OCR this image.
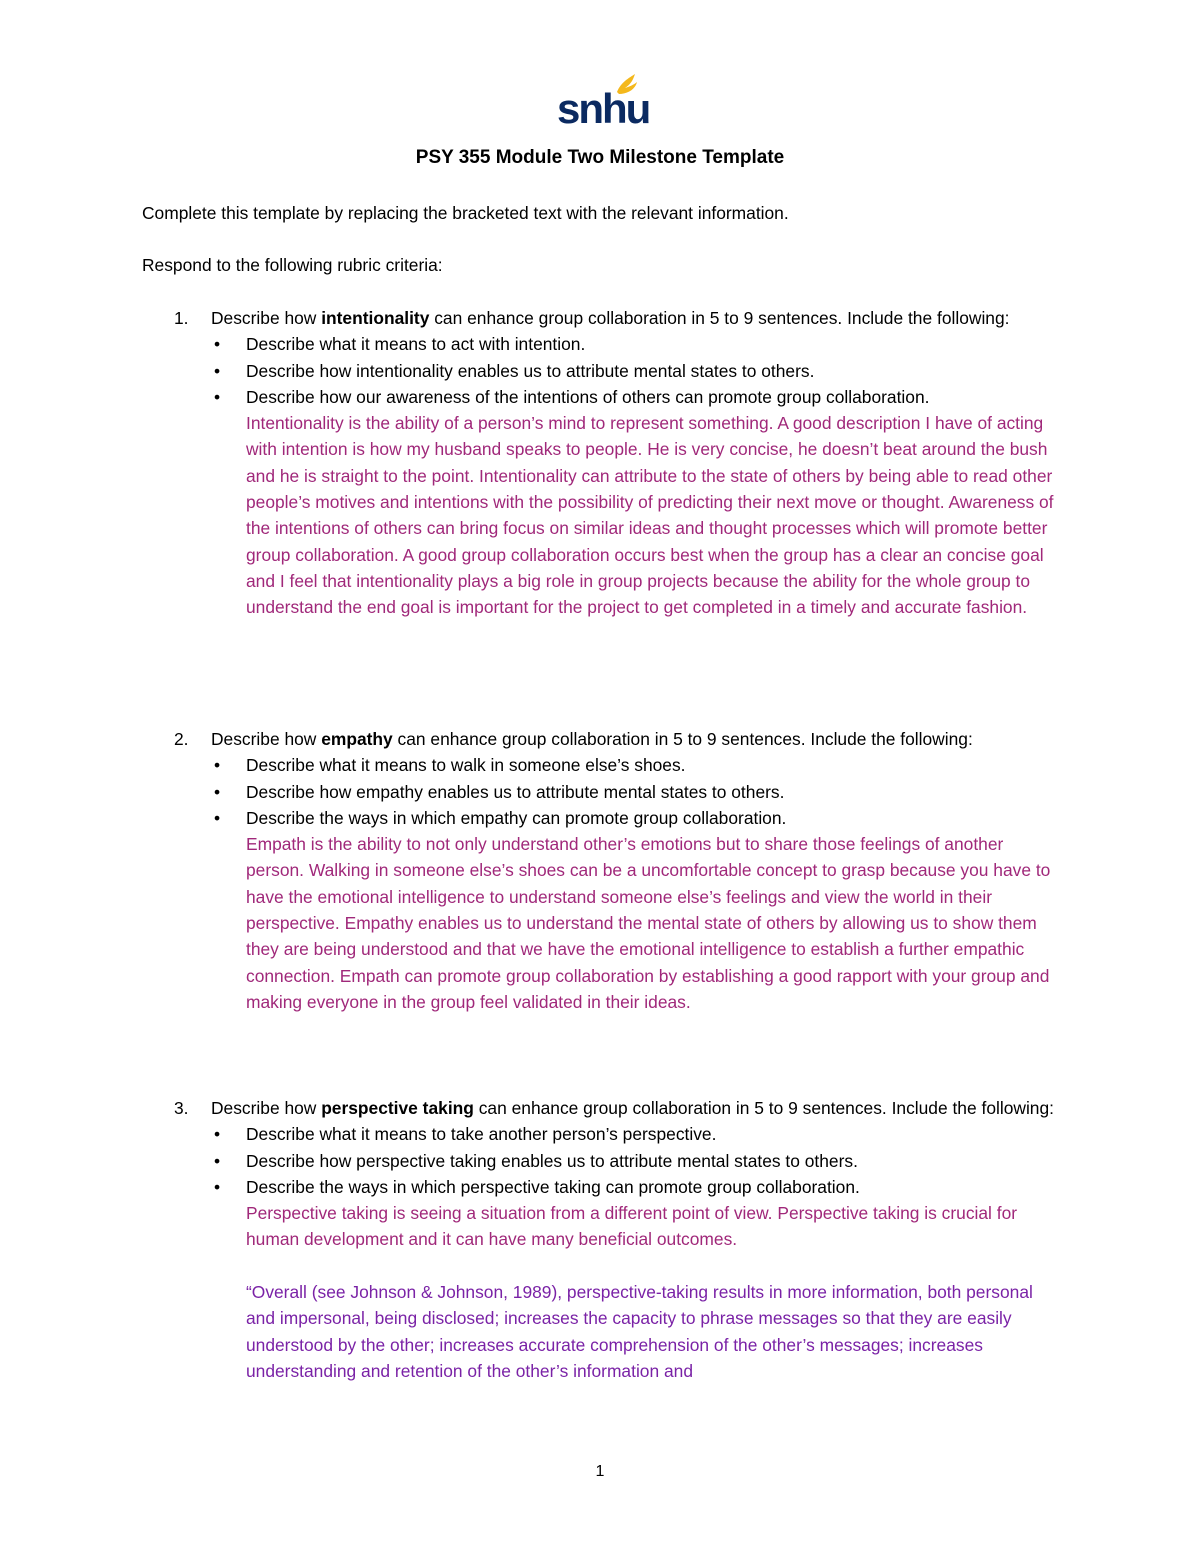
snhu
PSY 355 Module Two Milestone Template
Complete this template by replacing the bracketed text with the relevant information.
Respond to the following rubric criteria:
1. Describe how intentionality can enhance group collaboration in 5 to 9 sentences. Include the following:
• Describe what it means to act with intention.
• Describe how intentionality enables us to attribute mental states to others.
• Describe how our awareness of the intentions of others can promote group collaboration.

Intentionality is the ability of a person’s mind to represent something. A good description I have of acting with intention is how my husband speaks to people. He is very concise, he doesn’t beat around the bush and he is straight to the point. Intentionality can attribute to the state of others by being able to read other people’s motives and intentions with the possibility of predicting their next move or thought. Awareness of the intentions of others can bring focus on similar ideas and thought processes which will promote better group collaboration. A good group collaboration occurs best when the group has a clear an concise goal and I feel that intentionality plays a big role in group projects because the ability for the whole group to understand the end goal is important for the project to get completed in a timely and accurate fashion.

2. Describe how empathy can enhance group collaboration in 5 to 9 sentences. Include the following:
• Describe what it means to walk in someone else’s shoes.
• Describe how empathy enables us to attribute mental states to others.
• Describe the ways in which empathy can promote group collaboration.

Empath is the ability to not only understand other’s emotions but to share those feelings of another person. Walking in someone else’s shoes can be a uncomfortable concept to grasp because you have to have the emotional intelligence to understand someone else’s feelings and view the world in their perspective. Empathy enables us to understand the mental state of others by allowing us to show them they are being understood and that we have the emotional intelligence to establish a further empathic connection. Empath can promote group collaboration by establishing a good rapport with your group and making everyone in the group feel validated in their ideas.

3. Describe how perspective taking can enhance group collaboration in 5 to 9 sentences. Include the following:
• Describe what it means to take another person’s perspective.
• Describe how perspective taking enables us to attribute mental states to others.
• Describe the ways in which perspective taking can promote group collaboration.

Perspective taking is seeing a situation from a different point of view. Perspective taking is crucial for human development and it can have many beneficial outcomes.

“Overall (see Johnson & Johnson, 1989), perspective-taking results in more information, both personal and impersonal, being disclosed; increases the capacity to phrase messages so that they are easily understood by the other; increases accurate comprehension of the other’s messages; increases understanding and retention of the other’s information and

1
